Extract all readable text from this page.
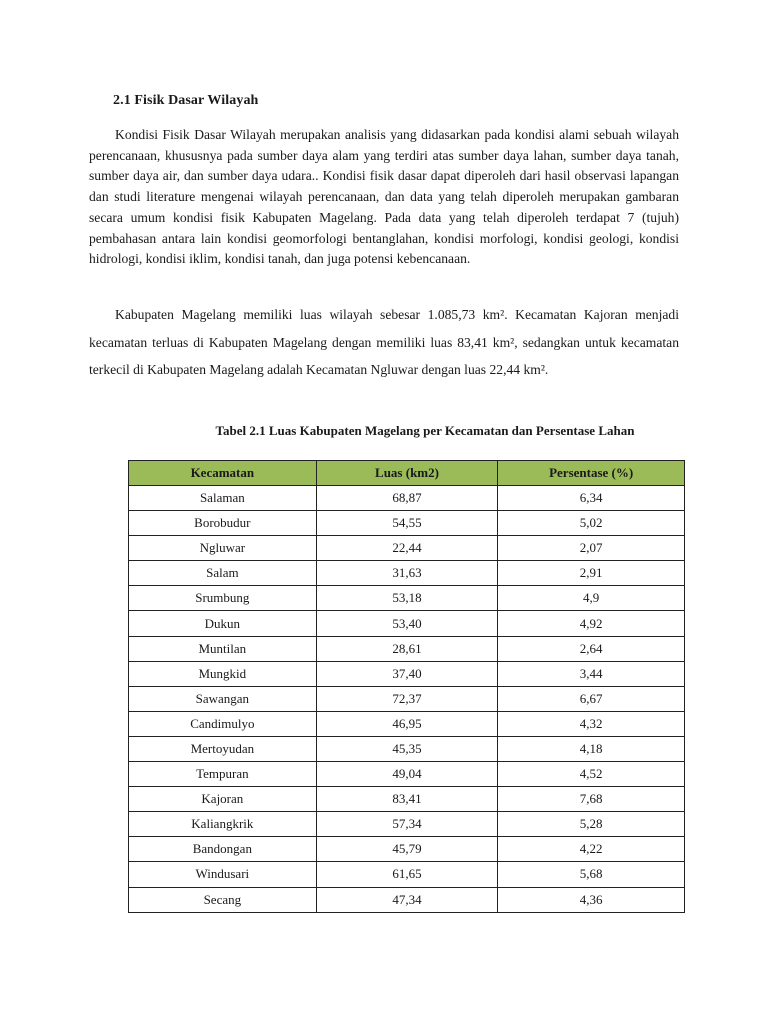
2.1 Fisik Dasar Wilayah

Kondisi Fisik Dasar Wilayah merupakan analisis yang didasarkan pada kondisi alami sebuah wilayah perencanaan, khususnya pada sumber daya alam yang terdiri atas sumber daya lahan, sumber daya tanah, sumber daya air, dan sumber daya udara.. Kondisi fisik dasar dapat diperoleh dari hasil observasi lapangan dan studi literature mengenai wilayah perencanaan, dan data yang telah diperoleh merupakan gambaran secara umum kondisi fisik Kabupaten Magelang. Pada data yang telah diperoleh terdapat 7 (tujuh) pembahasan antara lain kondisi geomorfologi bentanglahan, kondisi morfologi, kondisi geologi, kondisi hidrologi, kondisi iklim, kondisi tanah, dan juga potensi kebencanaan.

Kabupaten Magelang memiliki luas wilayah sebesar 1.085,73 km². Kecamatan Kajoran menjadi kecamatan terluas di Kabupaten Magelang dengan memiliki luas 83,41 km², sedangkan untuk kecamatan terkecil di Kabupaten Magelang adalah Kecamatan Ngluwar dengan luas 22,44 km².

Tabel 2.1 Luas Kabupaten Magelang per Kecamatan dan Persentase Lahan
Kecamatan	Luas (km2)	Persentase (%)
Salaman	68,87	6,34
Borobudur	54,55	5,02
Ngluwar	22,44	2,07
Salam	31,63	2,91
Srumbung	53,18	4,9
Dukun	53,40	4,92
Muntilan	28,61	2,64
Mungkid	37,40	3,44
Sawangan	72,37	6,67
Candimulyo	46,95	4,32
Mertoyudan	45,35	4,18
Tempuran	49,04	4,52
Kajoran	83,41	7,68
Kaliangkrik	57,34	5,28
Bandongan	45,79	4,22
Windusari	61,65	5,68
Secang	47,34	4,36
